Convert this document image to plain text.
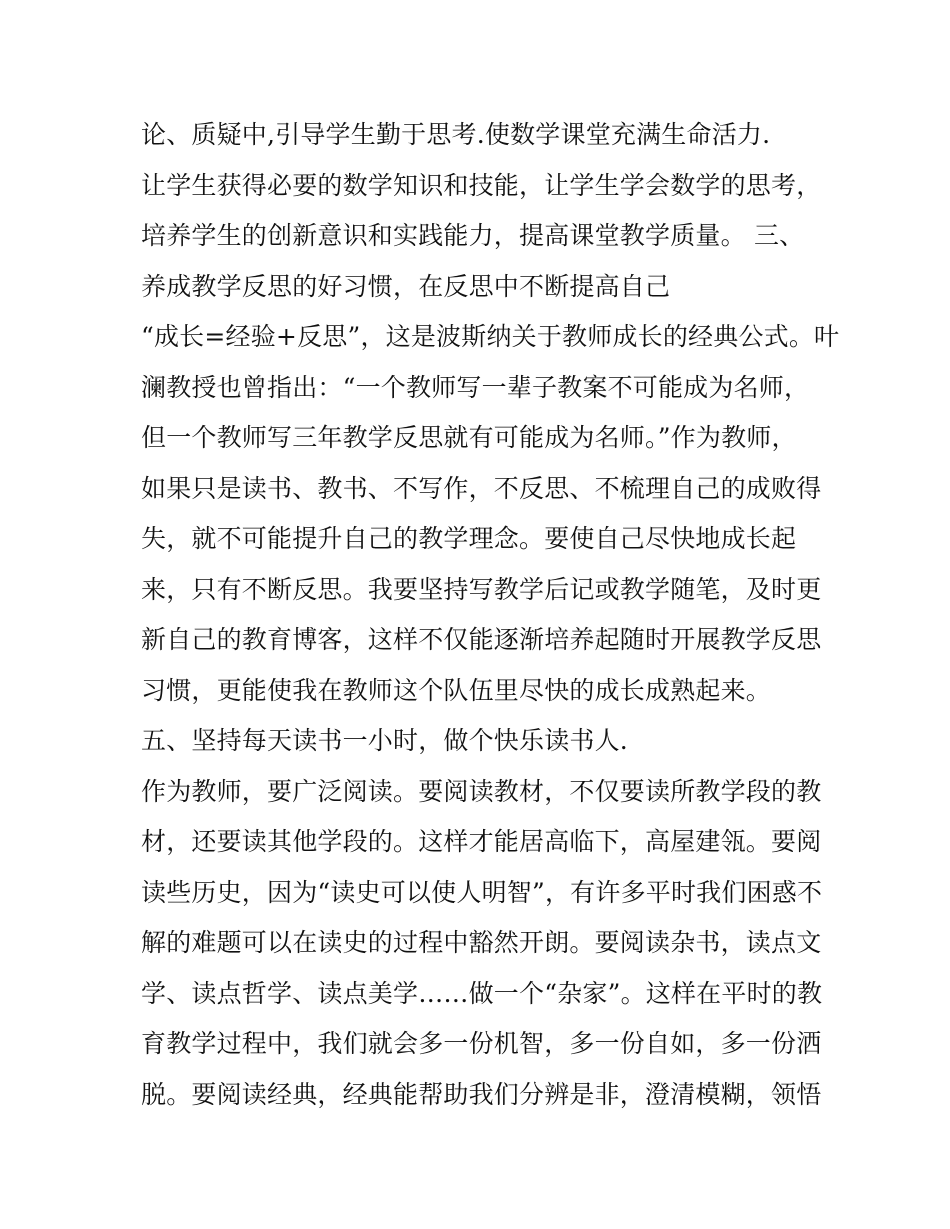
论、质疑中,引导学生勤于思考.使数学课堂充满生命活力.
让学生获得必要的数学知识和技能，让学生学会数学的思考，
培养学生的创新意识和实践能力，提高课堂教学质量。 三、
养成教学反思的好习惯，在反思中不断提高自己
“成长=经验+反思”，这是波斯纳关于教师成长的经典公式。叶
澜教授也曾指出：“一个教师写一辈子教案不可能成为名师，
但一个教师写三年教学反思就有可能成为名师。”作为教师，
如果只是读书、教书、不写作，不反思、不梳理自己的成败得
失，就不可能提升自己的教学理念。要使自己尽快地成长起
来，只有不断反思。我要坚持写教学后记或教学随笔，及时更
新自己的教育博客，这样不仅能逐渐培养起随时开展教学反思
习惯，更能使我在教师这个队伍里尽快的成长成熟起来。
五、坚持每天读书一小时，做个快乐读书人.
作为教师，要广泛阅读。要阅读教材，不仅要读所教学段的教
材，还要读其他学段的。这样才能居高临下，高屋建瓴。要阅
读些历史，因为“读史可以使人明智”，有许多平时我们困惑不
解的难题可以在读史的过程中豁然开朗。要阅读杂书，读点文
学、读点哲学、读点美学……做一个“杂家”。这样在平时的教
育教学过程中，我们就会多一份机智，多一份自如，多一份洒
脱。要阅读经典，经典能帮助我们分辨是非，澄清模糊，领悟
